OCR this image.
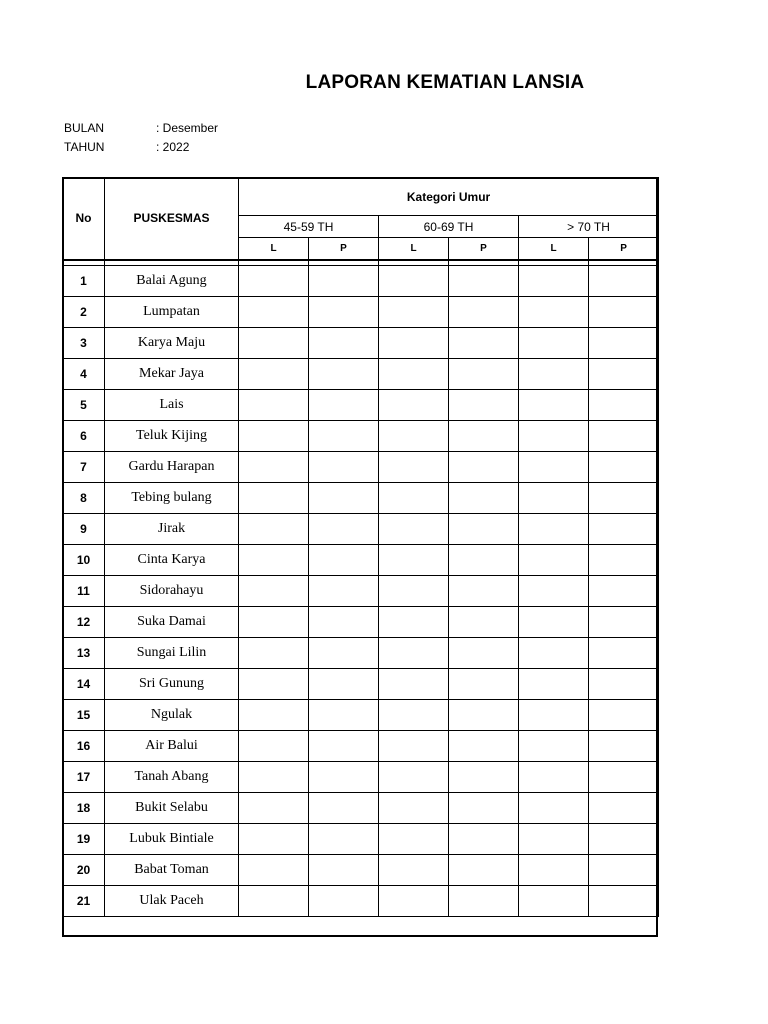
LAPORAN KEMATIAN LANSIA
BULAN	: Desember
TAHUN	: 2022
No	PUSKESMAS	Kategori Umur					
		45-59 TH		60-69 TH		> 70 TH	
		L	P	L	P	L	P

1	Balai Agung						
2	Lumpatan						
3	Karya Maju						
4	Mekar Jaya						
5	Lais						
6	Teluk Kijing						
7	Gardu Harapan						
8	Tebing bulang						
9	Jirak						
10	Cinta Karya						
11	Sidorahayu						
12	Suka Damai						
13	Sungai Lilin						
14	Sri Gunung						
15	Ngulak						
16	Air Balui						
17	Tanah Abang						
18	Bukit Selabu						
19	Lubuk Bintiale						
20	Babat Toman						
21	Ulak Paceh						
